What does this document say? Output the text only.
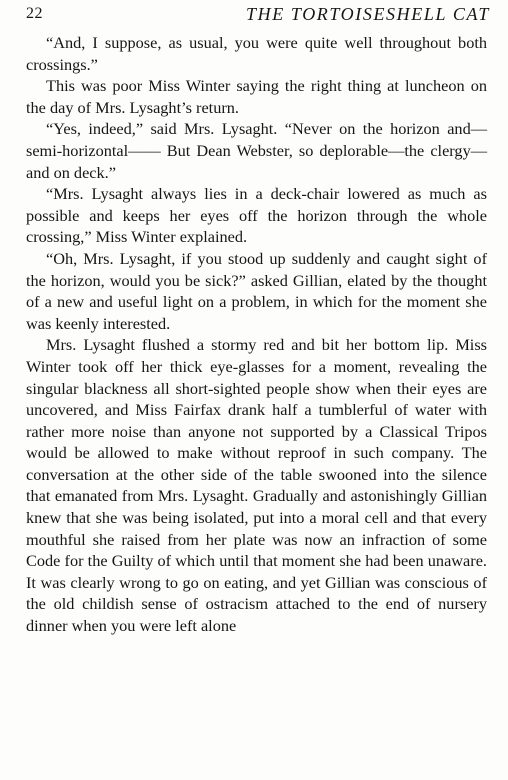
22	THE TORTOISESHELL CAT

“And, I suppose, as usual, you were quite well throughout both crossings.”

This was poor Miss Winter saying the right thing at luncheon on the day of Mrs. Lysaght’s return.

“Yes, indeed,” said Mrs. Lysaght. “Never on the horizon and—semi-horizontal—— But Dean Webster, so deplorable—the clergy—and on deck.”

“Mrs. Lysaght always lies in a deck-chair lowered as much as possible and keeps her eyes off the horizon through the whole crossing,” Miss Winter explained.

“Oh, Mrs. Lysaght, if you stood up suddenly and caught sight of the horizon, would you be sick?” asked Gillian, elated by the thought of a new and useful light on a problem, in which for the moment she was keenly interested.

Mrs. Lysaght flushed a stormy red and bit her bottom lip. Miss Winter took off her thick eye-glasses for a moment, revealing the singular blackness all short-sighted people show when their eyes are uncovered, and Miss Fairfax drank half a tumblerful of water with rather more noise than anyone not supported by a Classical Tripos would be allowed to make without reproof in such company. The conversation at the other side of the table swooned into the silence that emanated from Mrs. Lysaght. Gradually and astonishingly Gillian knew that she was being isolated, put into a moral cell and that every mouthful she raised from her plate was now an infraction of some Code for the Guilty of which until that moment she had been unaware. It was clearly wrong to go on eating, and yet Gillian was conscious of the old childish sense of ostracism attached to the end of nursery dinner when you were left alone
